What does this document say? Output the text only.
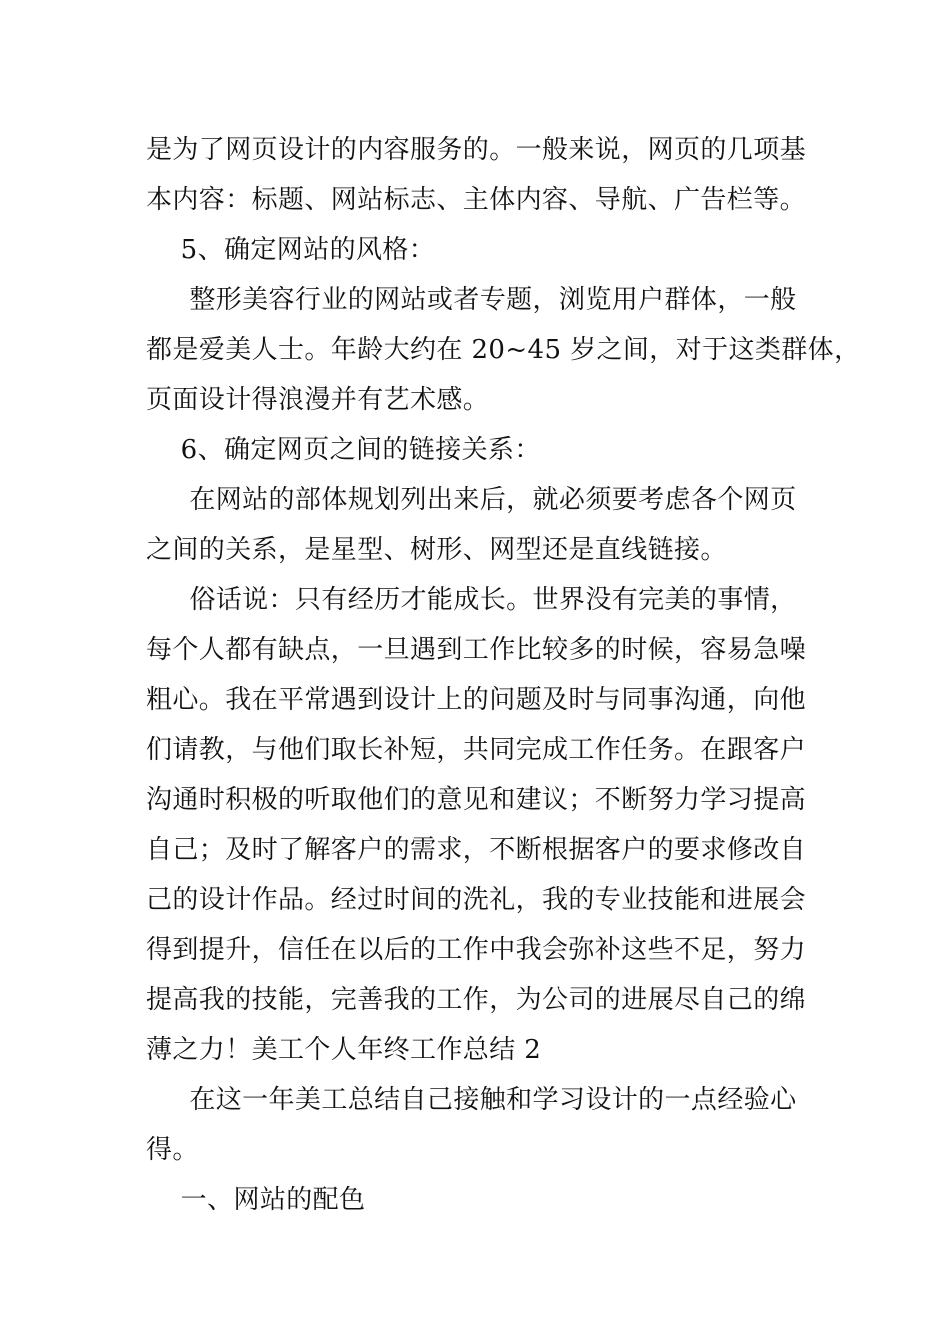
是为了网页设计的内容服务的。一般来说，网页的几项基
本内容：标题、网站标志、主体内容、导航、广告栏等。
5、确定网站的风格：
整形美容行业的网站或者专题，浏览用户群体，一般
都是爱美人士。年龄大约在 20~45 岁之间，对于这类群体，
页面设计得浪漫并有艺术感。
6、确定网页之间的链接关系：
在网站的部体规划列出来后，就必须要考虑各个网页
之间的关系，是星型、树形、网型还是直线链接。
俗话说：只有经历才能成长。世界没有完美的事情，
每个人都有缺点，一旦遇到工作比较多的时候，容易急噪
粗心。我在平常遇到设计上的问题及时与同事沟通，向他
们请教，与他们取长补短，共同完成工作任务。在跟客户
沟通时积极的听取他们的意见和建议；不断努力学习提高
自己；及时了解客户的需求，不断根据客户的要求修改自
己的设计作品。经过时间的洗礼，我的专业技能和进展会
得到提升，信任在以后的工作中我会弥补这些不足，努力
提高我的技能，完善我的工作，为公司的进展尽自己的绵
薄之力！美工个人年终工作总结 2
在这一年美工总结自己接触和学习设计的一点经验心
得。
一、网站的配色
